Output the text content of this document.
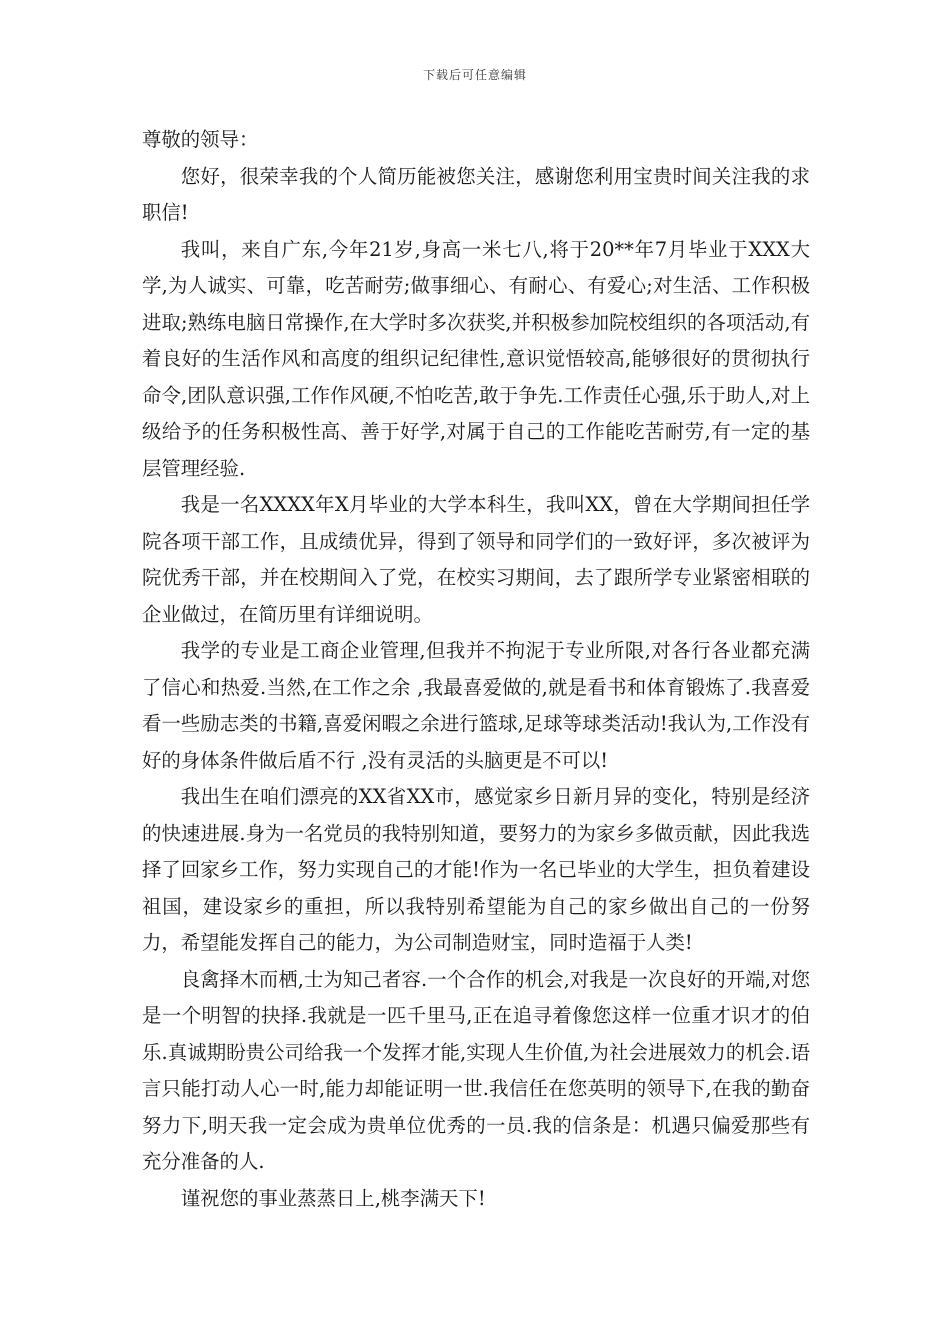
下载后可任意编辑

尊敬的领导：

您好，很荣幸我的个人简历能被您关注，感谢您利用宝贵时间关注我的求职信!

我叫，来自广东,今年21岁,身高一米七八,将于20**年7月毕业于XXX大学,为人诚实、可靠，吃苦耐劳;做事细心、有耐心、有爱心;对生活、工作积极进取;熟练电脑日常操作,在大学时多次获奖,并积极参加院校组织的各项活动,有着良好的生活作风和高度的组织记纪律性,意识觉悟较高,能够很好的贯彻执行命令,团队意识强,工作作风硬,不怕吃苦,敢于争先.工作责任心强,乐于助人,对上级给予的任务积极性高、善于好学,对属于自己的工作能吃苦耐劳,有一定的基层管理经验.

我是一名XXXX年X月毕业的大学本科生，我叫XX，曾在大学期间担任学院各项干部工作，且成绩优异，得到了领导和同学们的一致好评，多次被评为院优秀干部，并在校期间入了党，在校实习期间，去了跟所学专业紧密相联的企业做过，在简历里有详细说明。

我学的专业是工商企业管理,但我并不拘泥于专业所限,对各行各业都充满了信心和热爱.当然,在工作之余 ,我最喜爱做的,就是看书和体育锻炼了.我喜爱看一些励志类的书籍,喜爱闲暇之余进行篮球,足球等球类活动!我认为,工作没有好的身体条件做后盾不行 ,没有灵活的头脑更是不可以!

我出生在咱们漂亮的XX省XX市，感觉家乡日新月异的变化，特别是经济的快速进展.身为一名党员的我特别知道，要努力的为家乡多做贡献，因此我选择了回家乡工作，努力实现自己的才能!作为一名已毕业的大学生，担负着建设祖国，建设家乡的重担，所以我特别希望能为自己的家乡做出自己的一份努力，希望能发挥自己的能力，为公司制造财宝，同时造福于人类!

良禽择木而栖,士为知己者容.一个合作的机会,对我是一次良好的开端,对您是一个明智的抉择.我就是一匹千里马,正在追寻着像您这样一位重才识才的伯乐.真诚期盼贵公司给我一个发挥才能,实现人生价值,为社会进展效力的机会.语言只能打动人心一时,能力却能证明一世.我信任在您英明的领导下,在我的勤奋努力下,明天我一定会成为贵单位优秀的一员.我的信条是：机遇只偏爱那些有充分准备的人.

谨祝您的事业蒸蒸日上,桃李满天下!
